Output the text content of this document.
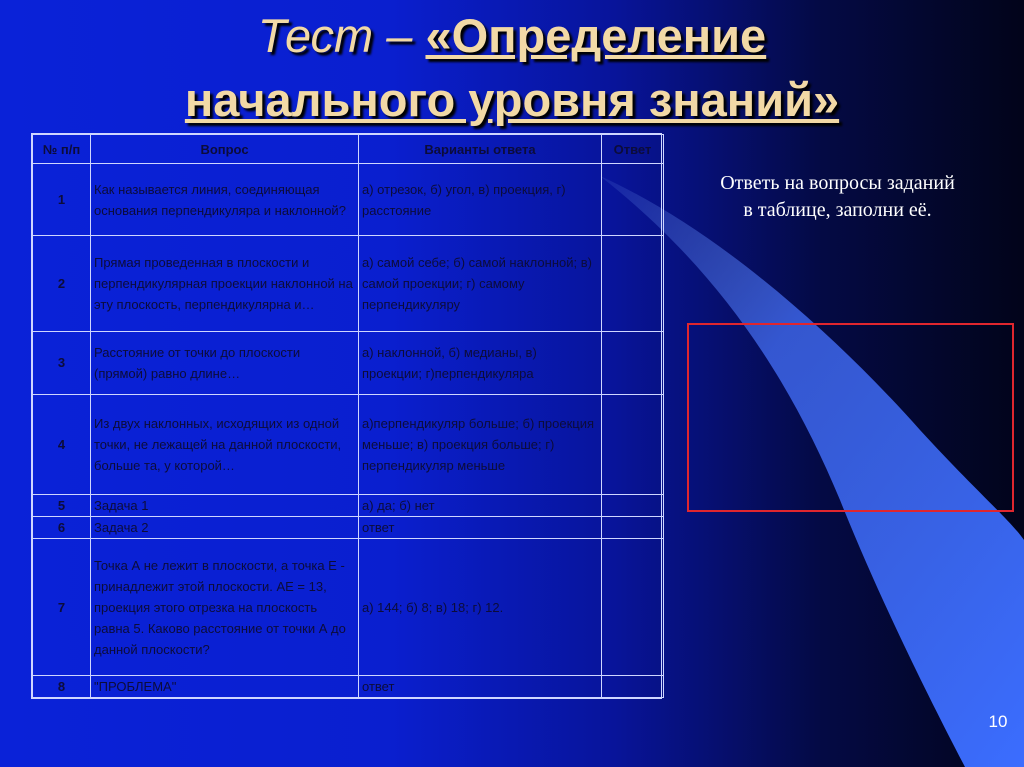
Тест – «Определение
начального уровня знаний»
№ п/п	Вопрос	Варианты ответа	Ответ
1	Как называется линия, соединяющая основания перпендикуляра и наклонной?	а) отрезок, б) угол, в) проекция, г) расстояние	
2	Прямая проведенная в плоскости и перпендикулярная проекции наклонной на эту плоскость, перпендикулярна и…	а) самой себе; б) самой наклонной; в) самой проекции; г) самому перпендикуляру	
3	Расстояние от точки до плоскости (прямой) равно длине…	а) наклонной, б) медианы, в) проекции; г)перпендикуляра	
4	Из двух наклонных, исходящих из одной точки, не лежащей на данной плоскости, больше та, у которой…	а)перпендикуляр больше; б) проекция меньше; в) проекция больше; г) перпендикуляр меньше	
5	Задача 1	а) да; б) нет	
6	Задача 2	ответ	
7	Точка А не лежит в плоскости, а точка Е - принадлежит этой плоскости. АЕ = 13, проекция этого отрезка на плоскость равна 5. Каково расстояние от точки А до данной плоскости?	а) 144; б) 8; в) 18; г) 12.	
8	"ПРОБЛЕМА"	ответ	
Ответь на вопросы заданий
в таблице, заполни её.
10
